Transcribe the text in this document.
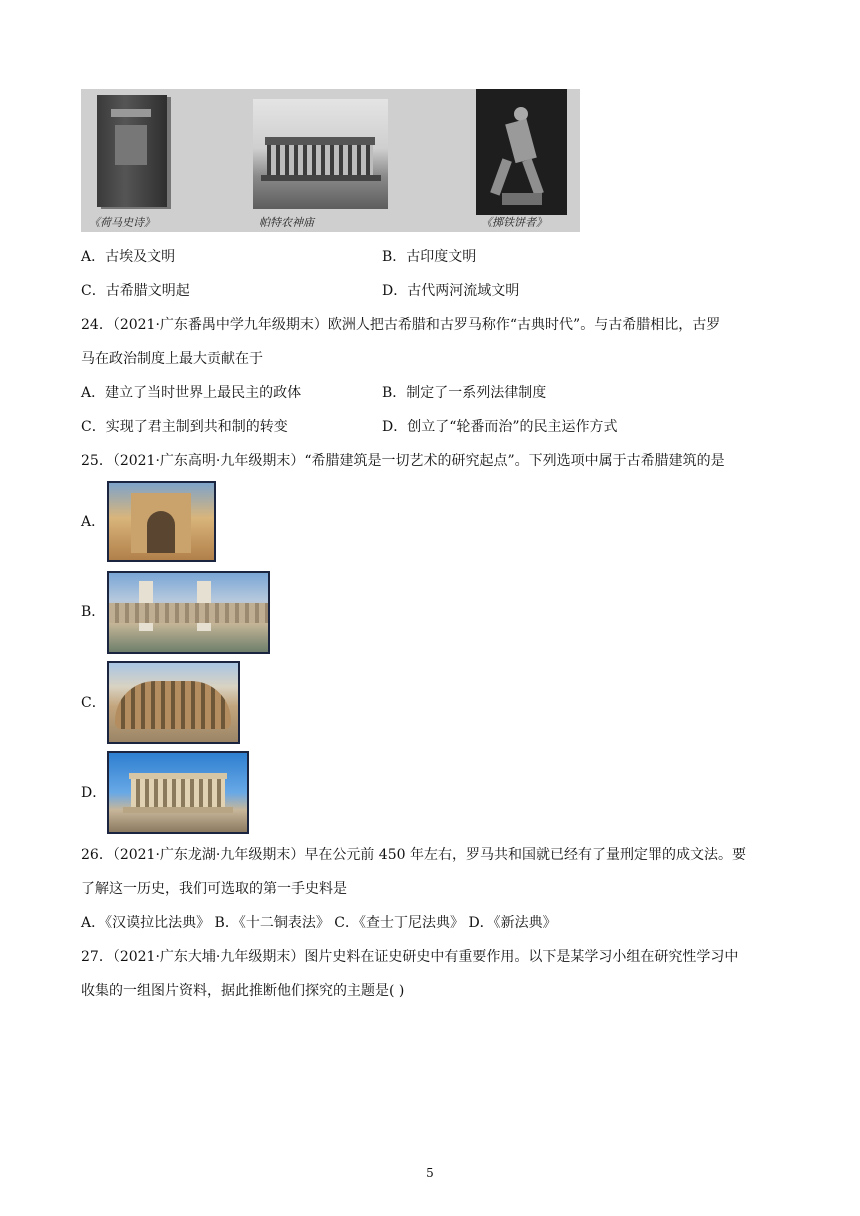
《荷马史诗》	帕特农神庙	《掷铁饼者》
A．古埃及文明	B．古印度文明
C．古希腊文明起	D．古代两河流域文明
24．（2021·广东番禺中学九年级期末）欧洲人把古希腊和古罗马称作“古典时代”。与古希腊相比，古罗
马在政治制度上最大贡献在于
A．建立了当时世界上最民主的政体	B．制定了一系列法律制度
C．实现了君主制到共和制的转变	D．创立了“轮番而治”的民主运作方式
25．（2021·广东高明·九年级期末）“希腊建筑是一切艺术的研究起点”。下列选项中属于古希腊建筑的是
A．
B．
C．
D．
26．（2021·广东龙湖·九年级期末）早在公元前 450 年左右，罗马共和国就已经有了量刑定罪的成文法。要
了解这一历史，我们可选取的第一手史料是
A．《汉谟拉比法典》 B．《十二铜表法》 C．《查士丁尼法典》 D．《新法典》
27．（2021·广东大埔·九年级期末）图片史料在证史研史中有重要作用。以下是某学习小组在研究性学习中
收集的一组图片资料，据此推断他们探究的主题是( )
5
